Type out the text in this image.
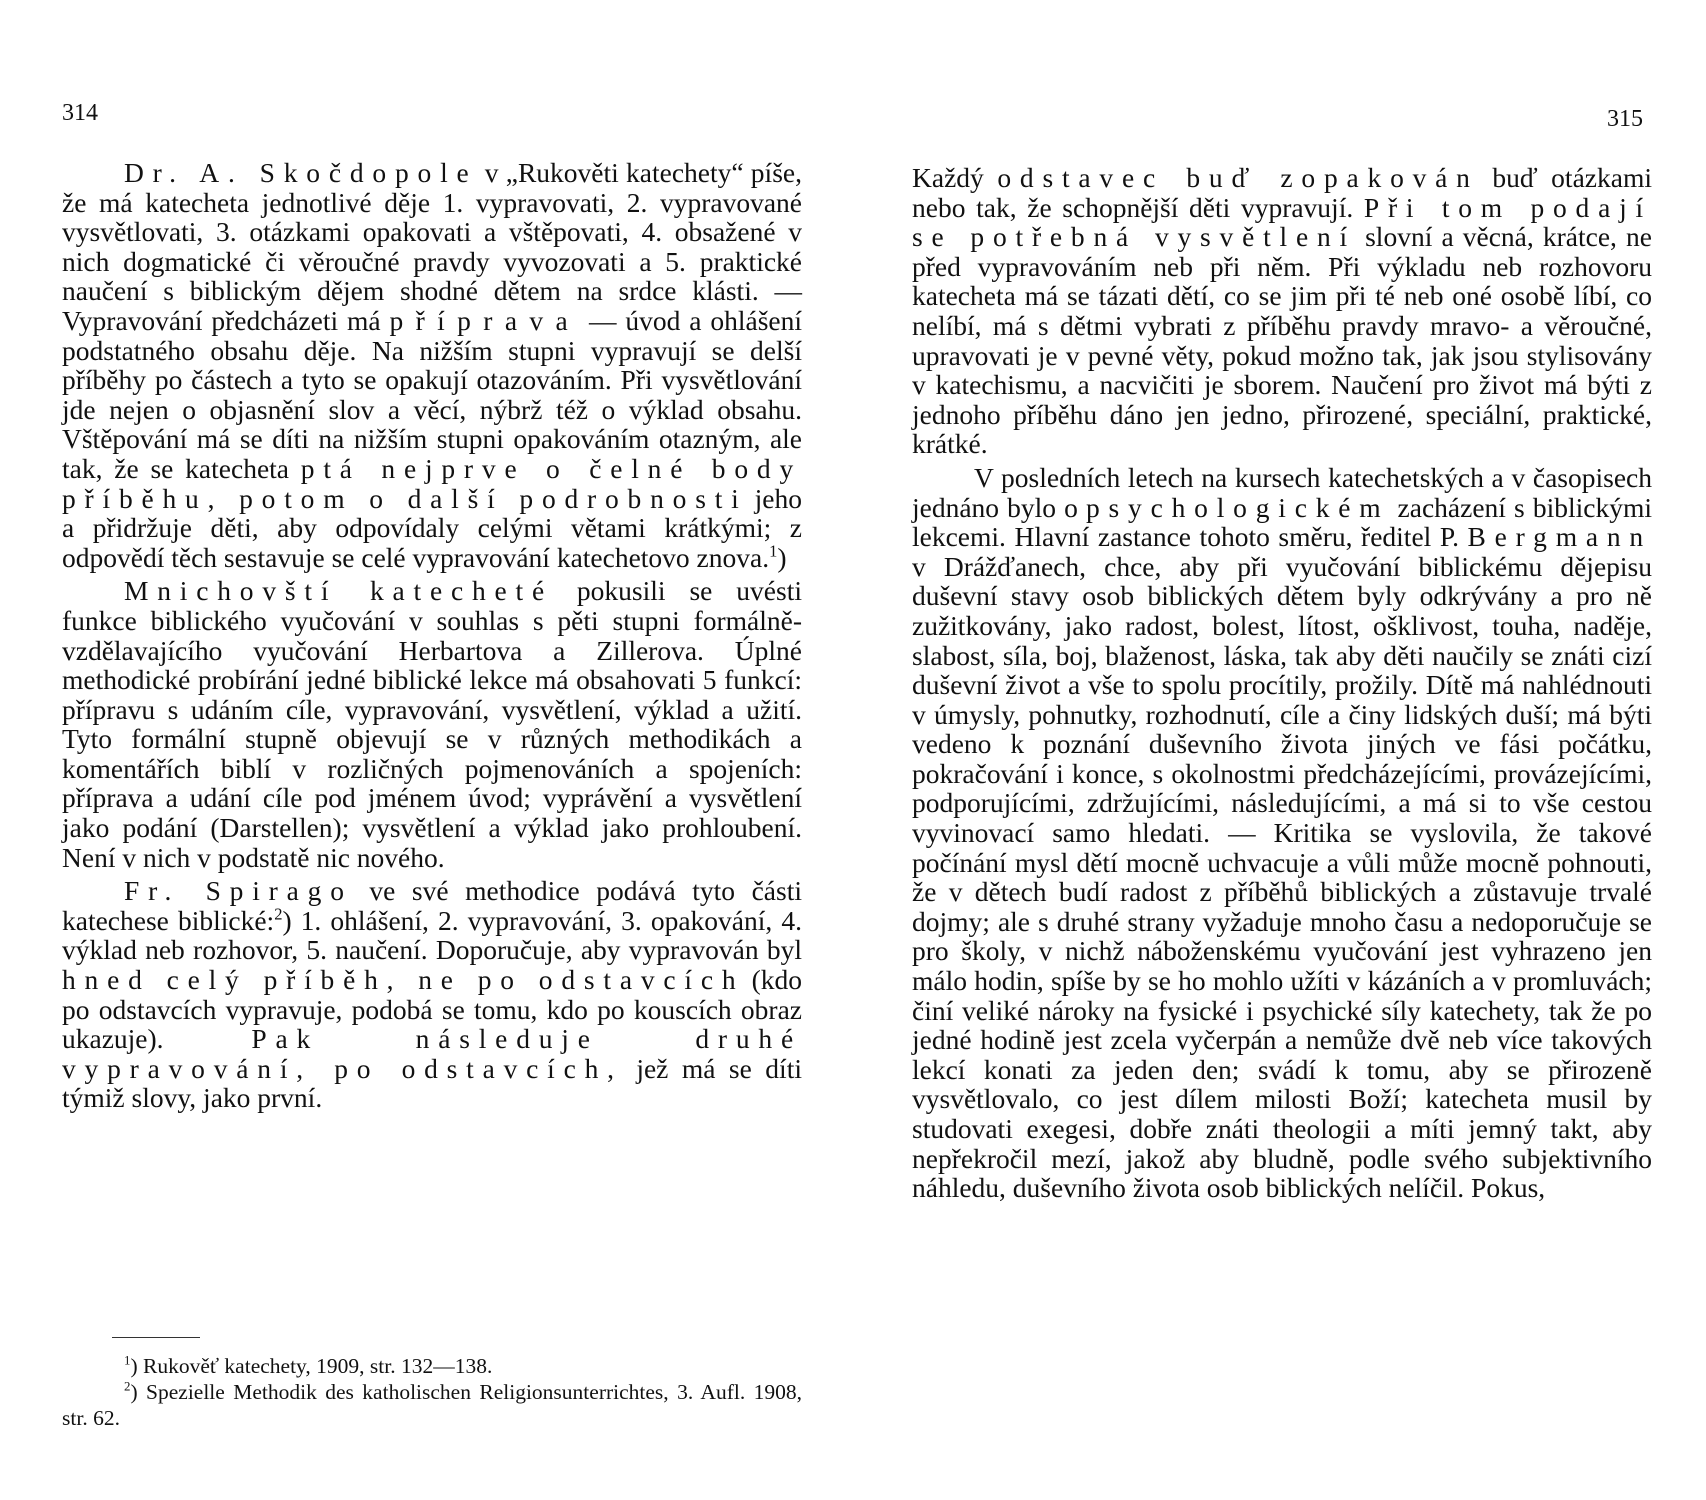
314	315

Dr. A. Skočdopole v „Rukověti katechety“ píše, že má katecheta jednotlivé děje 1. vypravovati, 2. vypravované vysvětlovati, 3. otázkami opakovati a vštěpovati, 4. obsažené v nich dogmatické či věroučné pravdy vyvozovati a 5. praktické naučení s biblickým dějem shodné dětem na srdce klásti. — Vypravování předcházeti má příprava — úvod a ohlášení podstatného obsahu děje. Na nižším stupni vypravují se delší příběhy po částech a tyto se opakují otazováním. Při vysvětlování jde nejen o objasnění slov a věcí, nýbrž též o výklad obsahu. Vštěpování má se díti na nižším stupni opakováním otazným, ale tak, že se katecheta ptá nejprve o čelné body příběhu, potom o další podrobnosti jeho a přidržuje děti, aby odpovídaly celými větami krátkými; z odpovědí těch sestavuje se celé vypravování katechetovo znova.$^1$)

Mnichovští katecheté pokusili se uvésti funkce biblického vyučování v souhlas s pěti stupni formálně-vzdělavajícího vyučování Herbartova a Zillerova. Úplné methodické probírání jedné biblické lekce má obsahovati 5 funkcí: přípravu s udáním cíle, vypravování, vysvětlení, výklad a užití. Tyto formální stupně objevují se v různých methodikách a komentářích biblí v rozličných pojmenováních a spojeních: příprava a udání cíle pod jménem úvod; vyprávění a vysvětlení jako podání (Darstellen); vysvětlení a výklad jako prohloubení. Není v nich v podstatě nic nového.

Fr. Spirago ve své methodice podává tyto části katechese biblické:$^2$) 1. ohlášení, 2. vypravování, 3. opakování, 4. výklad neb rozhovor, 5. naučení. Doporučuje, aby vypravován byl hned celý příběh, ne po odstavcích (kdo po odstavcích vypravuje, podobá se tomu, kdo po kouscích obraz ukazuje). Pak následuje druhé vypravování, po odstavcích, jež má se díti týmiž slovy, jako první.

$^1$) Rukověť katechety, 1909, str. 132—138.

$^2$) Spezielle Methodik des katholischen Religionsunterrichtes, 3. Aufl. 1908, str. 62.

Každý odstavec buď zopakován buď otázkami nebo tak, že schopnější děti vypravují. Při tom podají se potřebná vysvětlení slovní a věcná, krátce, ne před vypravováním neb při něm. Při výkladu neb rozhovoru katecheta má se tázati dětí, co se jim při té neb oné osobě líbí, co nelíbí, má s dětmi vybrati z příběhu pravdy mravo- a věroučné, upravovati je v pevné věty, pokud možno tak, jak jsou stylisovány v katechismu, a nacvičiti je sborem. Naučení pro život má býti z jednoho příběhu dáno jen jedno, přirozené, speciální, praktické, krátké.

V posledních letech na kursech katechetských a v časopisech jednáno bylo o psychologickém zacházení s biblickými lekcemi. Hlavní zastance tohoto směru, ředitel P. Bergmann v Drážďanech, chce, aby při vyučování biblickému dějepisu duševní stavy osob biblických dětem byly odkrývány a pro ně zužitkovány, jako radost, bolest, lítost, ošklivost, touha, naděje, slabost, síla, boj, blaženost, láska, tak aby děti naučily se znáti cizí duševní život a vše to spolu procítily, prožily. Dítě má nahlédnouti v úmysly, pohnutky, rozhodnutí, cíle a činy lidských duší; má býti vedeno k poznání duševního života jiných ve fási počátku, pokračování i konce, s okolnostmi předcházejícími, provázejícími, podporujícími, zdržujícími, následujícími, a má si to vše cestou vyvinovací samo hledati. — Kritika se vyslovila, že takové počínání mysl dětí mocně uchvacuje a vůli může mocně pohnouti, že v dětech budí radost z příběhů biblických a zůstavuje trvalé dojmy; ale s druhé strany vyžaduje mnoho času a nedoporučuje se pro školy, v nichž náboženskému vyučování jest vyhrazeno jen málo hodin, spíše by se ho mohlo užíti v kázáních a v promluvách; činí veliké nároky na fysické i psychické síly katechety, tak že po jedné hodině jest zcela vyčerpán a nemůže dvě neb více takových lekcí konati za jeden den; svádí k tomu, aby se přirozeně vysvětlovalo, co jest dílem milosti Boží; katecheta musil by studovati exegesi, dobře znáti theologii a míti jemný takt, aby nepřekročil mezí, jakož aby bludně, podle svého subjektivního náhledu, duševního života osob biblických nelíčil. Pokus,
